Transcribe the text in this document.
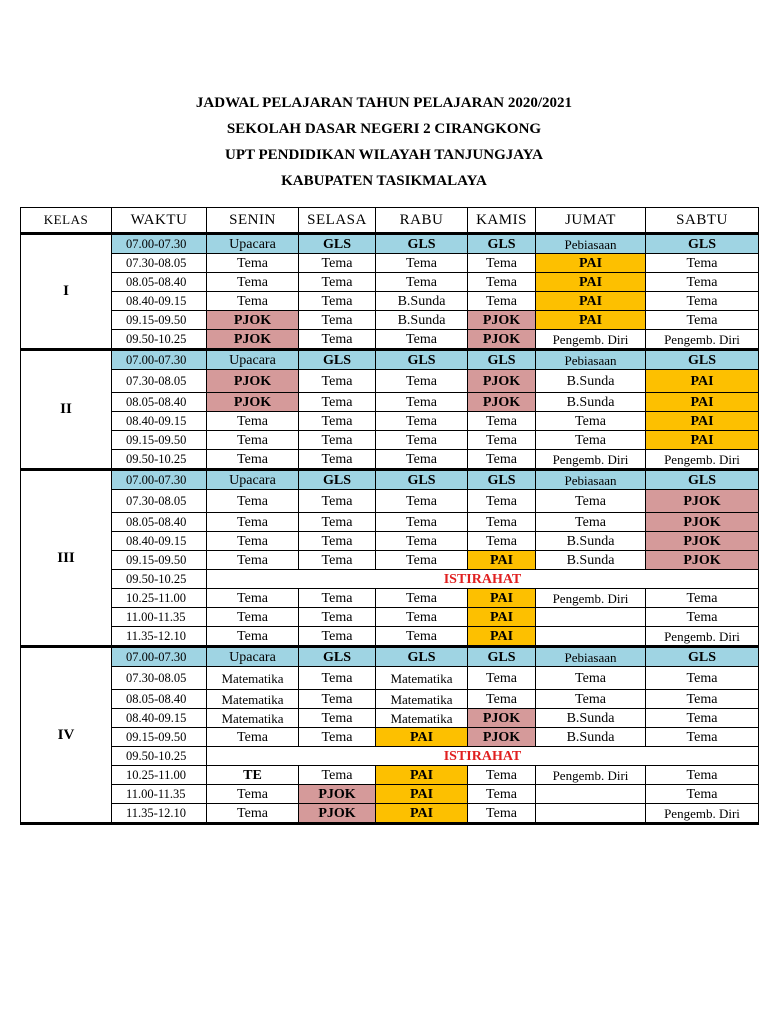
JADWAL PELAJARAN TAHUN PELAJARAN 2020/2021
SEKOLAH DASAR NEGERI 2 CIRANGKONG
UPT PENDIDIKAN WILAYAH TANJUNGJAYA
KABUPATEN TASIKMALAYA
KELAS	WAKTU	SENIN	SELASA	RABU	KAMIS	JUMAT	SABTU
I	07.00-07.30	Upacara	GLS	GLS	GLS	Pebiasaan	GLS
	07.30-08.05	Tema	Tema	Tema	Tema	PAI	Tema
	08.05-08.40	Tema	Tema	Tema	Tema	PAI	Tema
	08.40-09.15	Tema	Tema	B.Sunda	Tema	PAI	Tema
	09.15-09.50	PJOK	Tema	B.Sunda	PJOK	PAI	Tema
	09.50-10.25	PJOK	Tema	Tema	PJOK	Pengemb. Diri	Pengemb. Diri
II	07.00-07.30	Upacara	GLS	GLS	GLS	Pebiasaan	GLS
	07.30-08.05	PJOK	Tema	Tema	PJOK	B.Sunda	PAI
	08.05-08.40	PJOK	Tema	Tema	PJOK	B.Sunda	PAI
	08.40-09.15	Tema	Tema	Tema	Tema	Tema	PAI
	09.15-09.50	Tema	Tema	Tema	Tema	Tema	PAI
	09.50-10.25	Tema	Tema	Tema	Tema	Pengemb. Diri	Pengemb. Diri
III	07.00-07.30	Upacara	GLS	GLS	GLS	Pebiasaan	GLS
	07.30-08.05	Tema	Tema	Tema	Tema	Tema	PJOK
	08.05-08.40	Tema	Tema	Tema	Tema	Tema	PJOK
	08.40-09.15	Tema	Tema	Tema	Tema	B.Sunda	PJOK
	09.15-09.50	Tema	Tema	Tema	PAI	B.Sunda	PJOK
	09.50-10.25	ISTIRAHAT					
	10.25-11.00	Tema	Tema	Tema	PAI	Pengemb. Diri	Tema
	11.00-11.35	Tema	Tema	Tema	PAI		Tema
	11.35-12.10	Tema	Tema	Tema	PAI		Pengemb. Diri
IV	07.00-07.30	Upacara	GLS	GLS	GLS	Pebiasaan	GLS
	07.30-08.05	Matematika	Tema	Matematika	Tema	Tema	Tema
	08.05-08.40	Matematika	Tema	Matematika	Tema	Tema	Tema
	08.40-09.15	Matematika	Tema	Matematika	PJOK	B.Sunda	Tema
	09.15-09.50	Tema	Tema	PAI	PJOK	B.Sunda	Tema
	09.50-10.25	ISTIRAHAT					
	10.25-11.00	TE	Tema	PAI	Tema	Pengemb. Diri	Tema
	11.00-11.35	Tema	PJOK	PAI	Tema		Tema
	11.35-12.10	Tema	PJOK	PAI	Tema		Pengemb. Diri
